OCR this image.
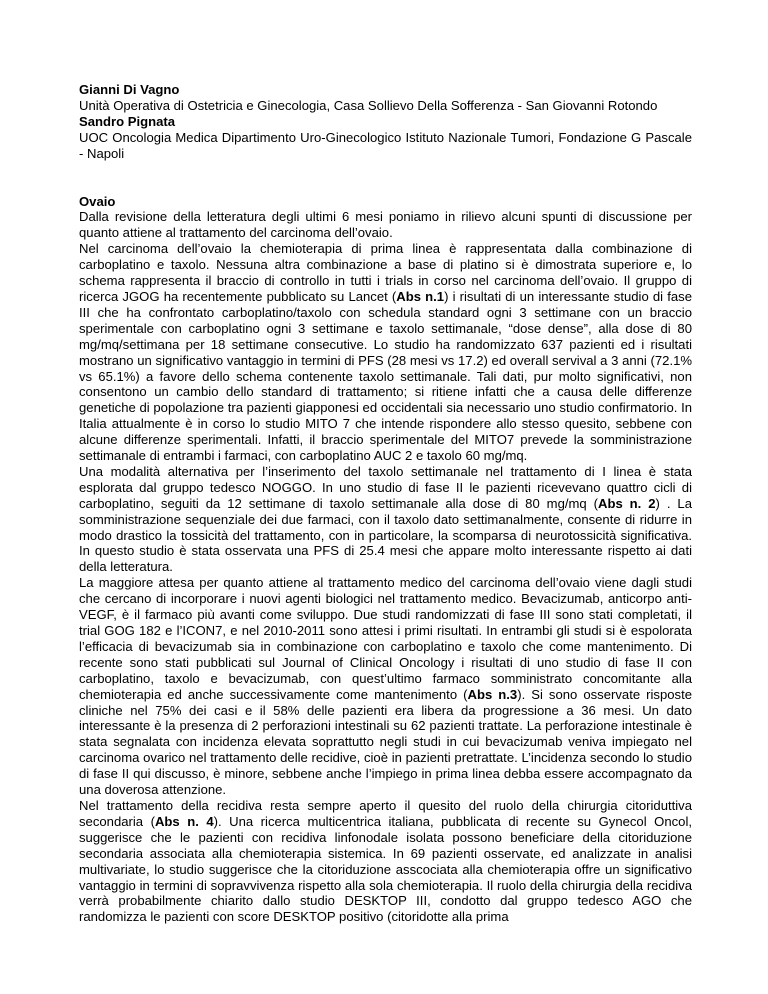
Gianni Di Vagno

Unità Operativa di Ostetricia e Ginecologia, Casa Sollievo Della Sofferenza - San Giovanni Rotondo

Sandro Pignata

UOC Oncologia Medica Dipartimento Uro-Ginecologico Istituto Nazionale Tumori, Fondazione G Pascale - Napoli

Ovaio

Dalla revisione della letteratura degli ultimi 6 mesi poniamo in rilievo alcuni spunti di discussione per quanto attiene al trattamento del carcinoma dell’ovaio.

Nel carcinoma dell’ovaio la chemioterapia di prima linea è rappresentata dalla combinazione di carboplatino e taxolo. Nessuna altra combinazione a base di platino si è dimostrata superiore e, lo schema rappresenta il braccio di controllo in tutti i trials in corso nel carcinoma dell’ovaio. Il gruppo di ricerca JGOG ha recentemente pubblicato su Lancet (Abs n.1) i risultati di un interessante studio di fase III che ha confrontato carboplatino/taxolo con schedula standard ogni 3 settimane con un braccio sperimentale con carboplatino ogni 3 settimane e taxolo settimanale, “dose dense”, alla dose di 80 mg/mq/settimana per 18 settimane consecutive. Lo studio ha randomizzato 637 pazienti ed i risultati mostrano un significativo vantaggio in termini di PFS (28 mesi vs 17.2) ed overall servival a 3 anni (72.1% vs 65.1%) a favore dello schema contenente taxolo settimanale. Tali dati, pur molto significativi, non consentono un cambio dello standard di trattamento; si ritiene infatti che a causa delle differenze genetiche di popolazione tra pazienti giapponesi ed occidentali sia necessario uno studio confirmatorio. In Italia attualmente è in corso lo studio MITO 7 che intende rispondere allo stesso quesito, sebbene con alcune differenze sperimentali. Infatti, il braccio sperimentale del MITO7 prevede la somministrazione settimanale di entrambi i farmaci, con carboplatino AUC 2 e taxolo 60 mg/mq.

Una modalità alternativa per l’inserimento del taxolo settimanale nel trattamento di I linea è stata esplorata dal gruppo tedesco NOGGO. In uno studio di fase II le pazienti ricevevano quattro cicli di carboplatino, seguiti da 12 settimane di taxolo settimanale alla dose di 80 mg/mq (Abs n. 2) . La somministrazione sequenziale dei due farmaci, con il taxolo dato settimanalmente, consente di ridurre in modo drastico la tossicità del trattamento, con in particolare, la scomparsa di neurotossicità significativa. In questo studio è stata osservata una PFS di 25.4 mesi che appare molto interessante rispetto ai dati della letteratura.

La maggiore attesa per quanto attiene al trattamento medico del carcinoma dell’ovaio viene dagli studi che cercano di incorporare i nuovi agenti biologici nel trattamento medico. Bevacizumab, anticorpo anti-VEGF, è il farmaco più avanti come sviluppo. Due studi randomizzati di fase III sono stati completati, il trial GOG 182 e l’ICON7, e nel 2010-2011 sono attesi i primi risultati. In entrambi gli studi si è espolorata l’efficacia di bevacizumab sia in combinazione con carboplatino e taxolo che come mantenimento. Di recente sono stati pubblicati sul Journal of Clinical Oncology i risultati di uno studio di fase II con carboplatino, taxolo e bevacizumab, con quest’ultimo farmaco somministrato concomitante alla chemioterapia ed anche successivamente come mantenimento (Abs n.3). Si sono osservate risposte cliniche nel 75% dei casi e il 58% delle pazienti era libera da progressione a 36 mesi. Un dato interessante è la presenza di 2 perforazioni intestinali su 62 pazienti trattate. La perforazione intestinale è stata segnalata con incidenza elevata soprattutto negli studi in cui bevacizumab veniva impiegato nel carcinoma ovarico nel trattamento delle recidive, cioè in pazienti pretrattate. L’incidenza secondo lo studio di fase II qui discusso, è minore, sebbene anche l’impiego in prima linea debba essere accompagnato da una doverosa attenzione.

Nel trattamento della recidiva resta sempre aperto il quesito del ruolo della chirurgia citoriduttiva secondaria (Abs n. 4). Una ricerca multicentrica italiana, pubblicata di recente su Gynecol Oncol, suggerisce che le pazienti con recidiva linfonodale isolata possono beneficiare della citoriduzione secondaria associata alla chemioterapia sistemica. In 69 pazienti osservate, ed analizzate in analisi multivariate, lo studio suggerisce che la citoriduzione asscociata alla chemioterapia offre un significativo vantaggio in termini di sopravvivenza rispetto alla sola chemioterapia. Il ruolo della chirurgia della recidiva verrà probabilmente chiarito dallo studio DESKTOP III, condotto dal gruppo tedesco AGO che randomizza le pazienti con score DESKTOP positivo (citoridotte alla prima
